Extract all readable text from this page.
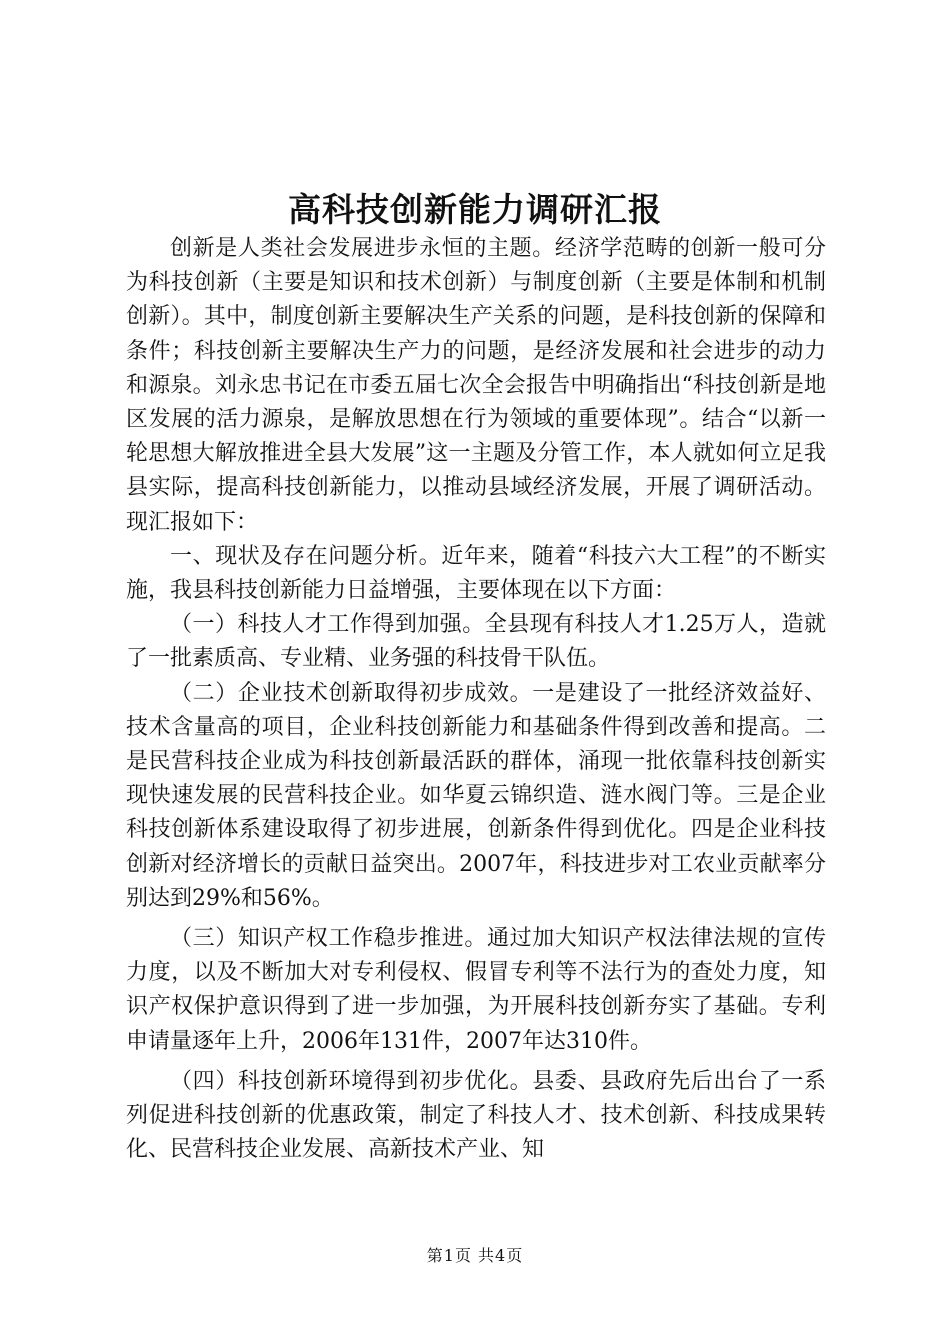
高科技创新能力调研汇报

创新是人类社会发展进步永恒的主题。经济学范畴的创新一般可分为科技创新（主要是知识和技术创新）与制度创新（主要是体制和机制创新）。其中，制度创新主要解决生产关系的问题，是科技创新的保障和条件；科技创新主要解决生产力的问题，是经济发展和社会进步的动力和源泉。刘永忠书记在市委五届七次全会报告中明确指出“科技创新是地区发展的活力源泉，是解放思想在行为领域的重要体现”。结合“以新一轮思想大解放推进全县大发展”这一主题及分管工作，本人就如何立足我县实际，提高科技创新能力，以推动县域经济发展，开展了调研活动。现汇报如下：

一、现状及存在问题分析。近年来，随着“科技六大工程”的不断实施，我县科技创新能力日益增强，主要体现在以下方面：

（一）科技人才工作得到加强。全县现有科技人才1.25万人，造就了一批素质高、专业精、业务强的科技骨干队伍。

（二）企业技术创新取得初步成效。一是建设了一批经济效益好、技术含量高的项目，企业科技创新能力和基础条件得到改善和提高。二是民营科技企业成为科技创新最活跃的群体，涌现一批依靠科技创新实现快速发展的民营科技企业。如华夏云锦织造、涟水阀门等。三是企业科技创新体系建设取得了初步进展，创新条件得到优化。四是企业科技创新对经济增长的贡献日益突出。2007年，科技进步对工农业贡献率分别达到29%和56%。

（三）知识产权工作稳步推进。通过加大知识产权法律法规的宣传力度，以及不断加大对专利侵权、假冒专利等不法行为的查处力度，知识产权保护意识得到了进一步加强，为开展科技创新夯实了基础。专利申请量逐年上升，2006年131件，2007年达310件。

（四）科技创新环境得到初步优化。县委、县政府先后出台了一系列促进科技创新的优惠政策，制定了科技人才、技术创新、科技成果转化、民营科技企业发展、高新技术产业、知

第1页 共4页
